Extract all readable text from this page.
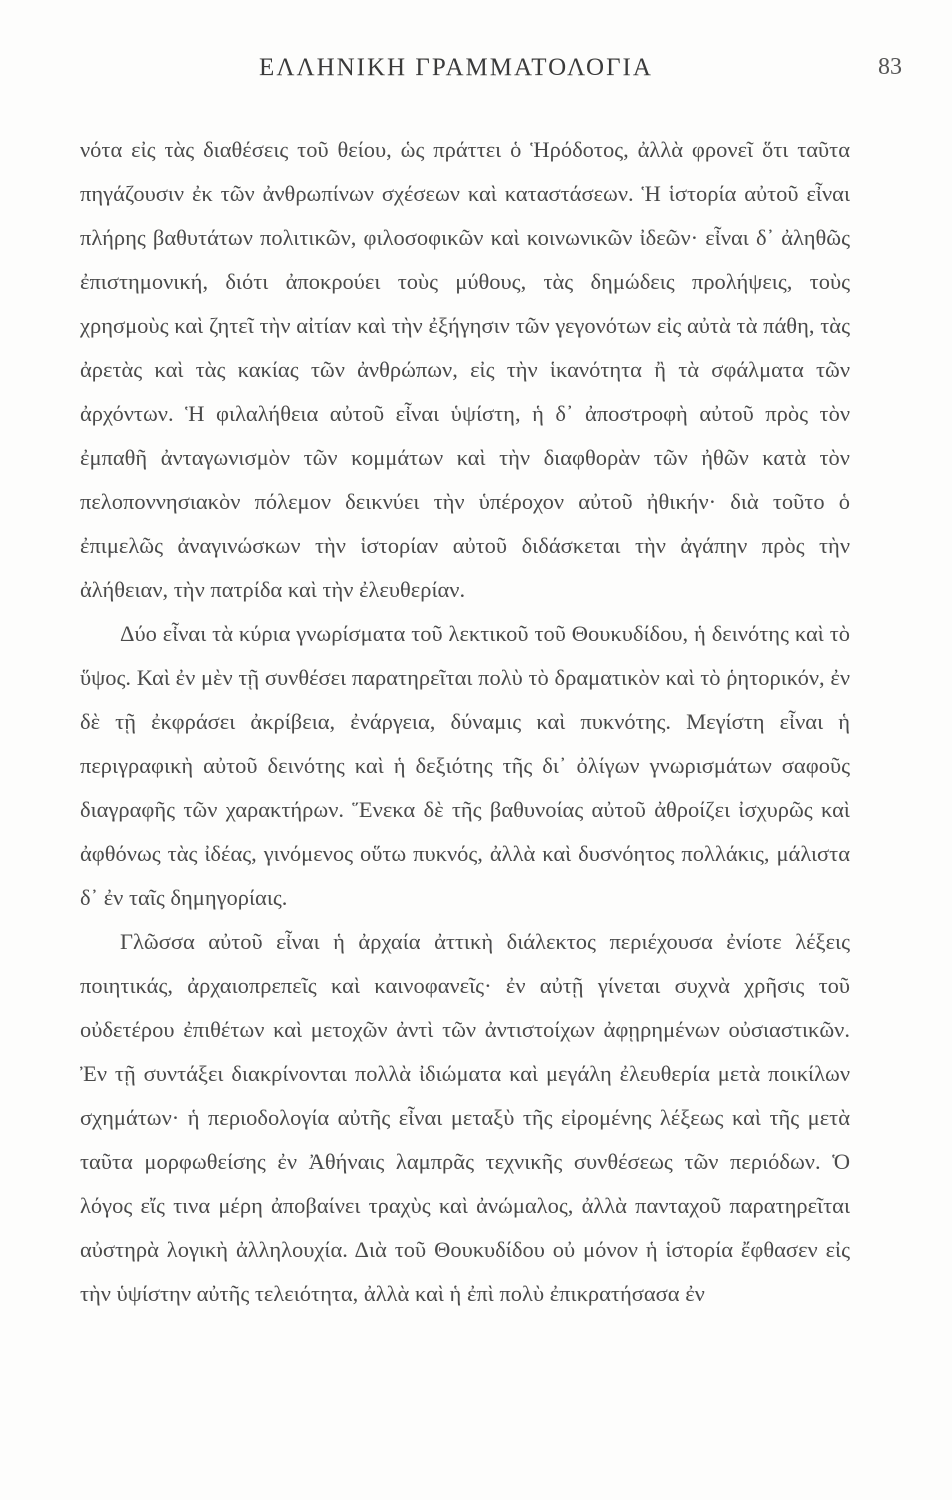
ΕΛΛΗΝΙΚΗ ΓΡΑΜΜΑΤΟΛΟΓΙΑ	83

νότα εἰς τὰς διαθέσεις τοῦ θείου, ὡς πράττει ὁ Ἡρόδοτος, ἀλλὰ φρονεῖ ὅτι ταῦτα πηγάζουσιν ἐκ τῶν ἀνθρωπίνων σχέσεων καὶ καταστάσεων. Ἡ ἱστορία αὐτοῦ εἶναι πλήρης βαθυτάτων πολιτικῶν, φιλοσοφικῶν καὶ κοινωνικῶν ἰδεῶν· εἶναι δ᾽ ἀληθῶς ἐπιστημονική, διότι ἀποκρούει τοὺς μύθους, τὰς δημώδεις προλήψεις, τοὺς χρησμοὺς καὶ ζητεῖ τὴν αἰτίαν καὶ τὴν ἐξήγησιν τῶν γεγονότων εἰς αὐτὰ τὰ πάθη, τὰς ἀρετὰς καὶ τὰς κακίας τῶν ἀνθρώπων, εἰς τὴν ἱκανότητα ἢ τὰ σφάλματα τῶν ἀρχόντων. Ἡ φιλαλήθεια αὐτοῦ εἶναι ὑψίστη, ἡ δ᾽ ἀποστροφὴ αὐτοῦ πρὸς τὸν ἐμπαθῆ ἀνταγωνισμὸν τῶν κομμάτων καὶ τὴν διαφθορὰν τῶν ἠθῶν κατὰ τὸν πελοποννησιακὸν πόλεμον δεικνύει τὴν ὑπέροχον αὐτοῦ ἠθικήν· διὰ τοῦτο ὁ ἐπιμελῶς ἀναγινώσκων τὴν ἱστορίαν αὐτοῦ διδάσκεται τὴν ἀγάπην πρὸς τὴν ἀλήθειαν, τὴν πατρίδα καὶ τὴν ἐλευθερίαν.

Δύο εἶναι τὰ κύρια γνωρίσματα τοῦ λεκτικοῦ τοῦ Θουκυδίδου, ἡ δεινότης καὶ τὸ ὕψος. Καὶ ἐν μὲν τῇ συνθέσει παρατηρεῖται πολὺ τὸ δραματικὸν καὶ τὸ ῥητορικόν, ἐν δὲ τῇ ἐκφράσει ἀκρίβεια, ἐνάργεια, δύναμις καὶ πυκνότης. Μεγίστη εἶναι ἡ περιγραφικὴ αὐτοῦ δεινότης καὶ ἡ δεξιότης τῆς δι᾽ ὀλίγων γνωρισμάτων σαφοῦς διαγραφῆς τῶν χαρακτήρων. Ἕνεκα δὲ τῆς βαθυνοίας αὐτοῦ ἀθροίζει ἰσχυρῶς καὶ ἀφθόνως τὰς ἰδέας, γινόμενος οὕτω πυκνός, ἀλλὰ καὶ δυσνόητος πολλάκις, μάλιστα δ᾽ ἐν ταῖς δημηγορίαις.

Γλῶσσα αὐτοῦ εἶναι ἡ ἀρχαία ἀττικὴ διάλεκτος περιέχουσα ἐνίοτε λέξεις ποιητικάς, ἀρχαιοπρεπεῖς καὶ καινοφανεῖς· ἐν αὐτῇ γίνεται συχνὰ χρῆσις τοῦ οὐδετέρου ἐπιθέτων καὶ μετοχῶν ἀντὶ τῶν ἀντιστοίχων ἀφῃρημένων οὐσιαστικῶν. Ἐν τῇ συντάξει διακρίνονται πολλὰ ἰδιώματα καὶ μεγάλη ἐλευθερία μετὰ ποικίλων σχημάτων· ἡ περιοδολογία αὐτῆς εἶναι μεταξὺ τῆς εἰρομένης λέξεως καὶ τῆς μετὰ ταῦτα μορφωθείσης ἐν Ἀθήναις λαμπρᾶς τεχνικῆς συνθέσεως τῶν περιόδων. Ὁ λόγος εἴς τινα μέρη ἀποβαίνει τραχὺς καὶ ἀνώμαλος, ἀλλὰ πανταχοῦ παρατηρεῖται αὐστηρὰ λογικὴ ἀλληλουχία. Διὰ τοῦ Θουκυδίδου οὐ μόνον ἡ ἱστορία ἔφθασεν εἰς τὴν ὑψίστην αὐτῆς τελειότητα, ἀλλὰ καὶ ἡ ἐπὶ πολὺ ἐπικρατήσασα ἐν
